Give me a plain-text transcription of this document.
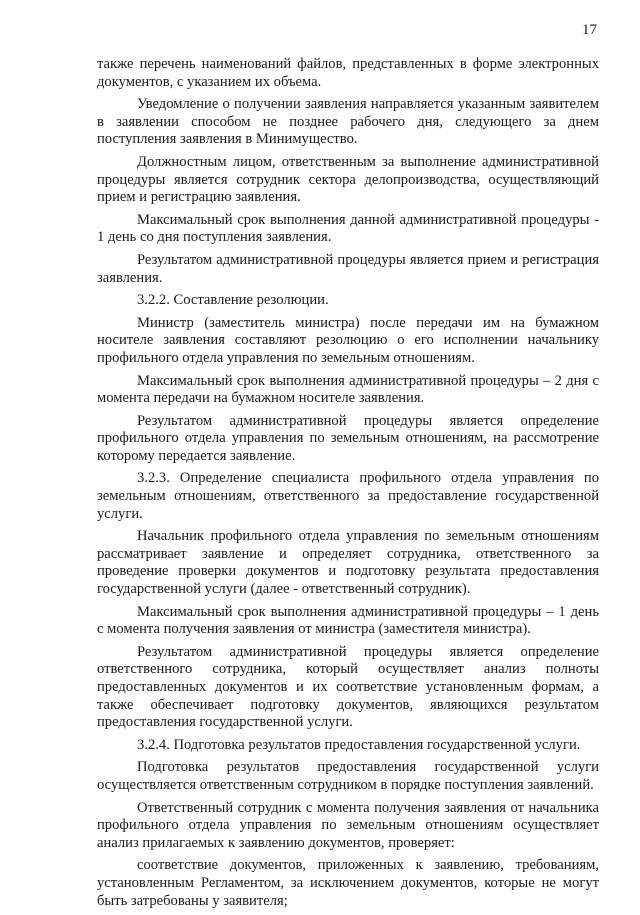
17

также перечень наименований файлов, представленных в форме электронных документов, с указанием их объема.

Уведомление о получении заявления направляется указанным заявителем в заявлении способом не позднее рабочего дня, следующего за днем поступления заявления в Минимущество.

Должностным лицом, ответственным за выполнение административной процедуры является сотрудник сектора делопроизводства, осуществляющий прием и регистрацию заявления.

Максимальный срок выполнения данной административной процедуры - 1 день со дня поступления заявления.

Результатом административной процедуры является прием и регистрация заявления.

3.2.2. Составление резолюции.

Министр (заместитель министра) после передачи им на бумажном носителе заявления составляют резолюцию о его исполнении начальнику профильного отдела управления по земельным отношениям.

Максимальный срок выполнения административной процедуры – 2 дня с момента передачи на бумажном носителе заявления.

Результатом административной процедуры является определение профильного отдела управления по земельным отношениям, на рассмотрение которому передается заявление.

3.2.3. Определение специалиста профильного отдела управления по земельным отношениям, ответственного за предоставление государственной услуги.

Начальник профильного отдела управления по земельным отношениям рассматривает заявление и определяет сотрудника, ответственного за проведение проверки документов и подготовку результата предоставления государственной услуги (далее - ответственный сотрудник).

Максимальный срок выполнения административной процедуры – 1 день с момента получения заявления от министра (заместителя министра).

Результатом административной процедуры является определение ответственного сотрудника, который осуществляет анализ полноты предоставленных документов и их соответствие установленным формам, а также обеспечивает подготовку документов, являющихся результатом предоставления государственной услуги.

3.2.4. Подготовка результатов предоставления государственной услуги.

Подготовка результатов предоставления государственной услуги осуществляется ответственным сотрудником в порядке поступления заявлений.

Ответственный сотрудник с момента получения заявления от начальника профильного отдела управления по земельным отношениям осуществляет анализ прилагаемых к заявлению документов, проверяет:

соответствие документов, приложенных к заявлению, требованиям, установленным Регламентом, за исключением документов, которые не могут быть затребованы у заявителя;
